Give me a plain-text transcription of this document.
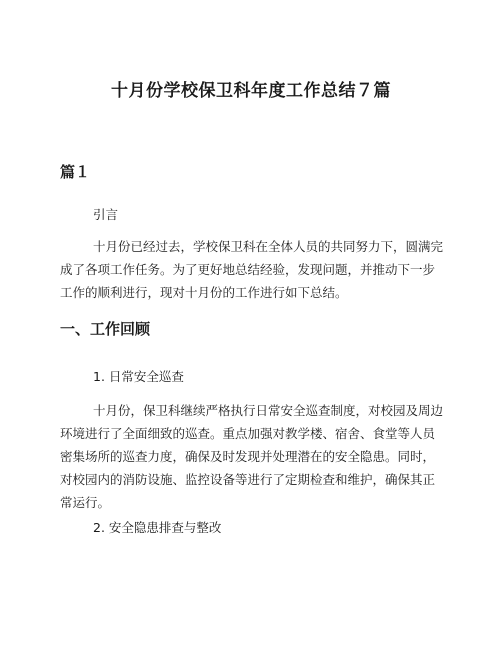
十月份学校保卫科年度工作总结７篇
篇１

引言

十月份已经过去，学校保卫科在全体人员的共同努力下，圆满完成了各项工作任务。为了更好地总结经验，发现问题，并推动下一步工作的顺利进行，现对十月份的工作进行如下总结。

一、工作回顾

1. 日常安全巡查

十月份，保卫科继续严格执行日常安全巡查制度，对校园及周边环境进行了全面细致的巡查。重点加强对教学楼、宿舍、食堂等人员密集场所的巡查力度，确保及时发现并处理潜在的安全隐患。同时，对校园内的消防设施、监控设备等进行了定期检查和维护，确保其正常运行。

2. 安全隐患排查与整改
